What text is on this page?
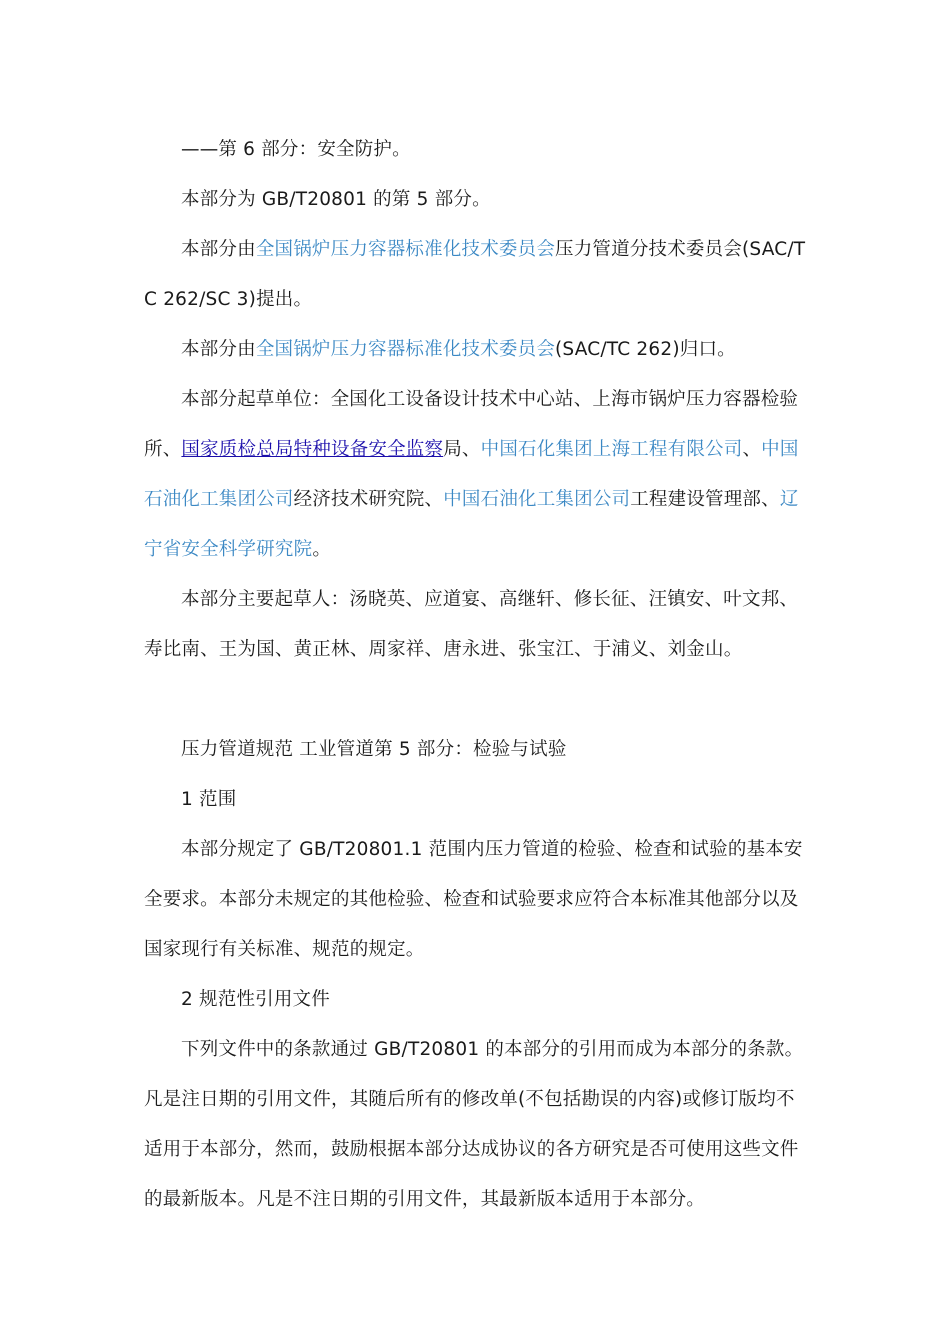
——第 6 部分：安全防护。

本部分为 GB/T20801 的第 5 部分。

本部分由全国锅炉压力容器标准化技术委员会压力管道分技术委员会(SAC/TC 262/SC 3)提出。

本部分由全国锅炉压力容器标准化技术委员会(SAC/TC 262)归口。

本部分起草单位：全国化工设备设计技术中心站、上海市锅炉压力容器检验所、国家质检总局特种设备安全监察局、中国石化集团上海工程有限公司、中国石油化工集团公司经济技术研究院、中国石油化工集团公司工程建设管理部、辽宁省安全科学研究院。

本部分主要起草人：汤晓英、应道宴、高继轩、修长征、汪镇安、叶文邦、寿比南、王为国、黄正林、周家祥、唐永进、张宝江、于浦义、刘金山。

压力管道规范 工业管道第 5 部分：检验与试验

1 范围

本部分规定了 GB/T20801.1 范围内压力管道的检验、检查和试验的基本安全要求。本部分未规定的其他检验、检查和试验要求应符合本标准其他部分以及国家现行有关标准、规范的规定。

2 规范性引用文件

下列文件中的条款通过 GB/T20801 的本部分的引用而成为本部分的条款。凡是注日期的引用文件，其随后所有的修改单(不包括勘误的内容)或修订版均不适用于本部分，然而，鼓励根据本部分达成协议的各方研究是否可使用这些文件的最新版本。凡是不注日期的引用文件，其最新版本适用于本部分。
